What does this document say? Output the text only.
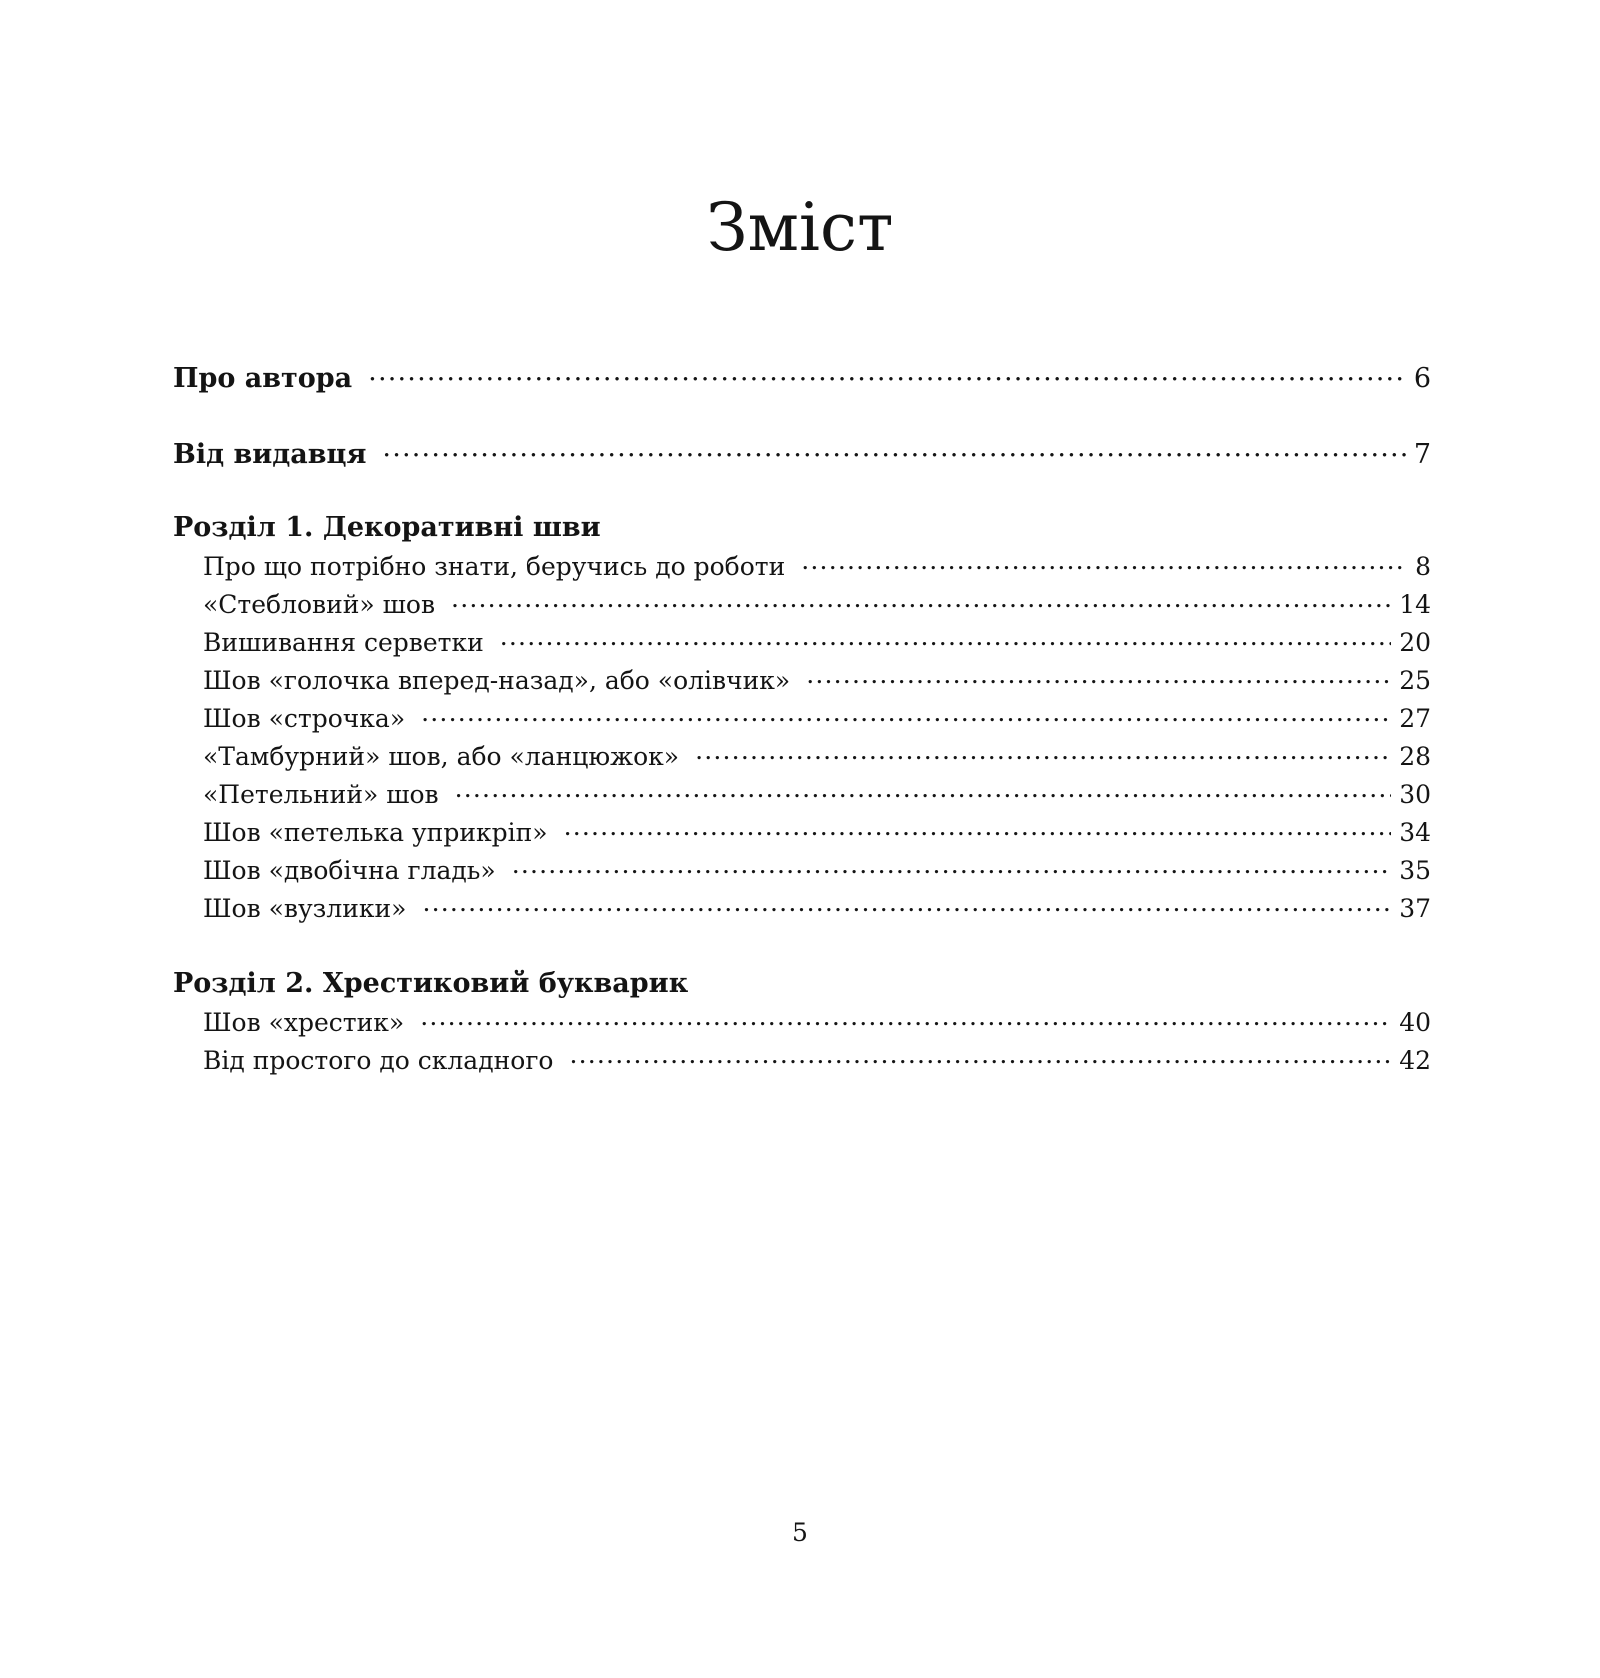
Зміст
Про автора .....	6
Від видавця .....	7
Розділ 1. Декоративні шви
Про що потрібно знати, беручись до роботи .....	8
«Стебловий» шов .....	14
Вишивання серветки .....	20
Шов «голочка вперед-назад», або «олівчик» .....	25
Шов «строчка» .....	27
«Тамбурний» шов, або «ланцюжок» .....	28
«Петельний» шов .....	30
Шов «петелька уприкріп» .....	34
Шов «двобічна гладь» .....	35
Шов «вузлики» .....	37
Розділ 2. Хрестиковий букварик
Шов «хрестик» .....	40
Від простого до складного .....	42
5
